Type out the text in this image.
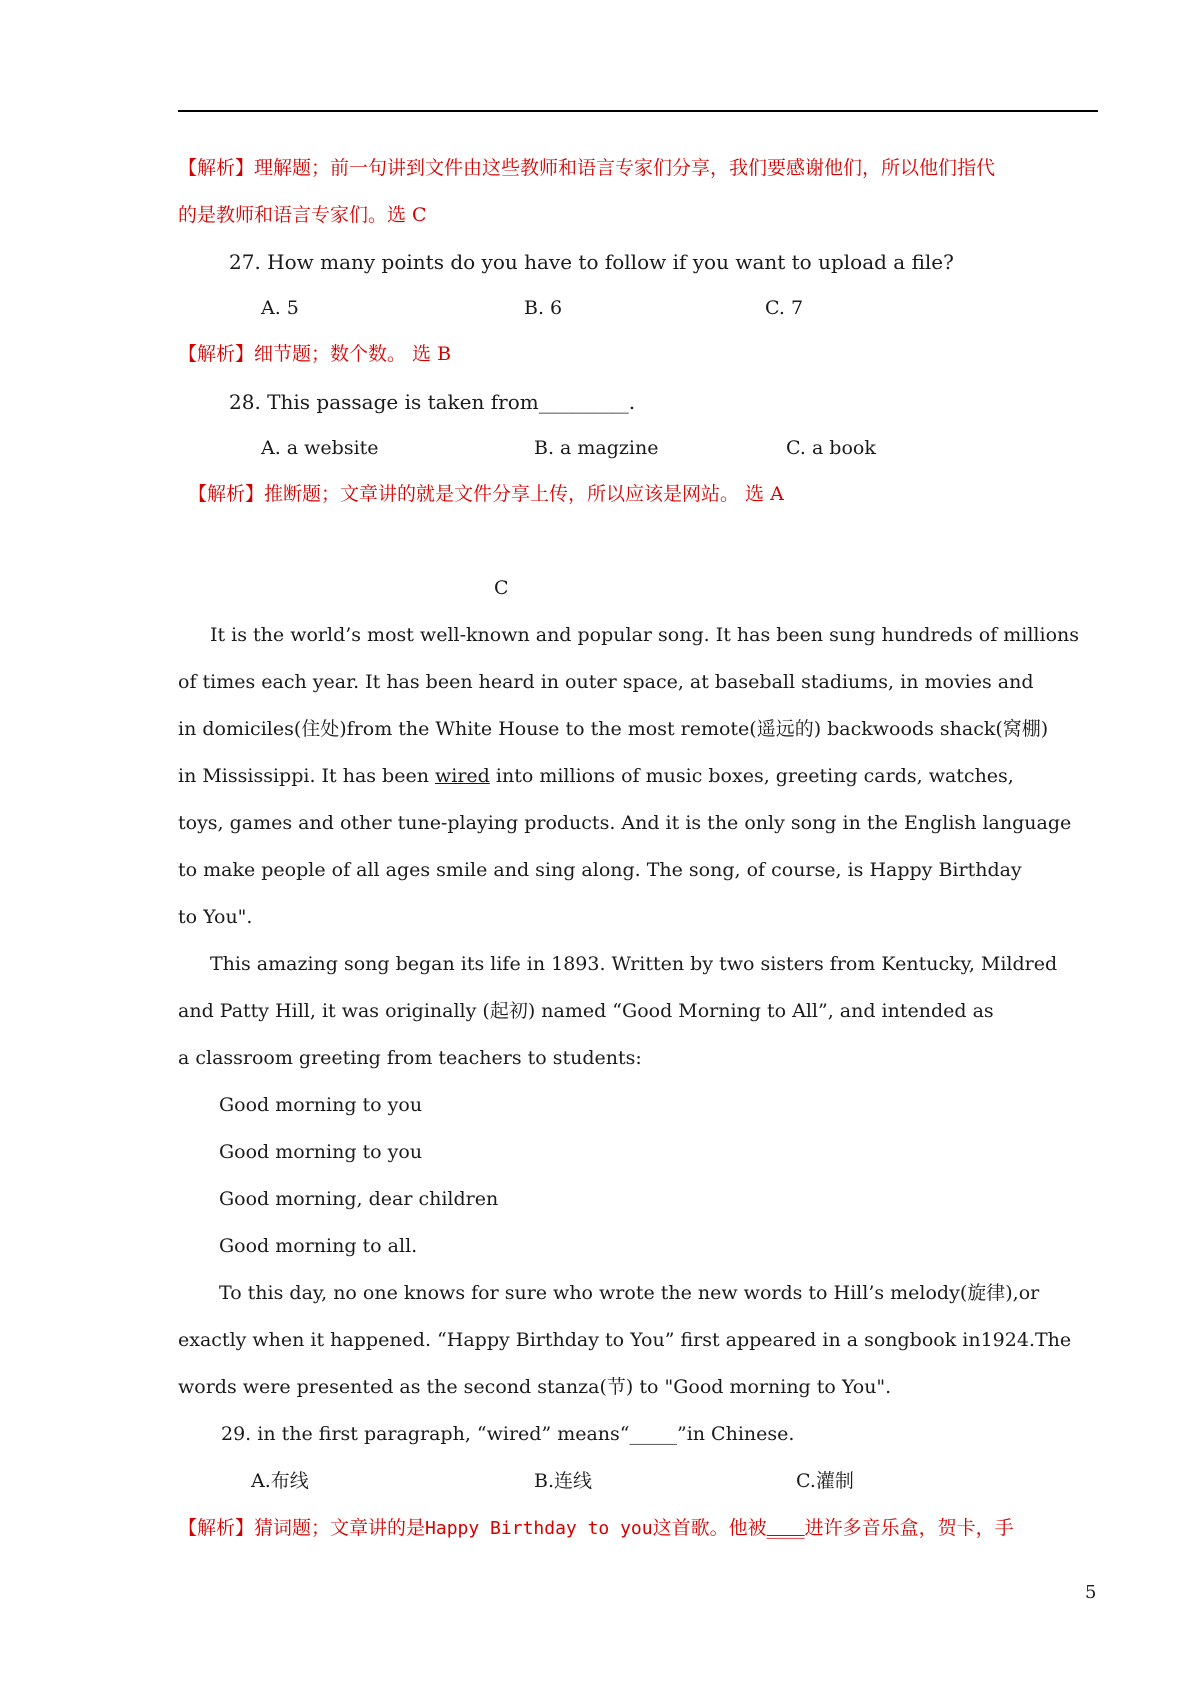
【解析】理解题；前一句讲到文件由这些教师和语言专家们分享，我们要感谢他们，所以他们指代
的是教师和语言专家们。选 C
27. How many points do you have to follow if you want to upload a file?
A. 5	B. 6	C. 7
【解析】细节题；数个数。 选 B
28. This passage is taken from_________.
A. a website	B. a magzine	C. a book
【解析】推断题；文章讲的就是文件分享上传，所以应该是网站。 选 A
C
It is the world’s most well-known and popular song. It has been sung hundreds of millions
of times each year. It has been heard in outer space, at baseball stadiums, in movies and
in domiciles(住处)from the White House to the most remote(遥远的) backwoods shack(窝棚)
in Mississippi. It has been wired into millions of music boxes, greeting cards, watches,
toys, games and other tune-playing products. And it is the only song in the English language
to make people of all ages smile and sing along. The song, of course, is Happy Birthday
to You".
This amazing song began its life in 1893. Written by two sisters from Kentucky, Mildred
and Patty Hill, it was originally (起初) named “Good Morning to All”, and intended as
a classroom greeting from teachers to students:
Good morning to you
Good morning to you
Good morning, dear children
Good morning to all.
To this day, no one knows for sure who wrote the new words to Hill’s melody(旋律),or
exactly when it happened. “Happy Birthday to You” first appeared in a songbook in1924.The
words were presented as the second stanza(节) to "Good morning to You".
29. in the first paragraph, “wired” means“_____”in Chinese.
A.布线	B.连线	C.灌制
【解析】猜词题；文章讲的是Happy Birthday to you这首歌。他被____进许多音乐盒，贺卡，手
5
